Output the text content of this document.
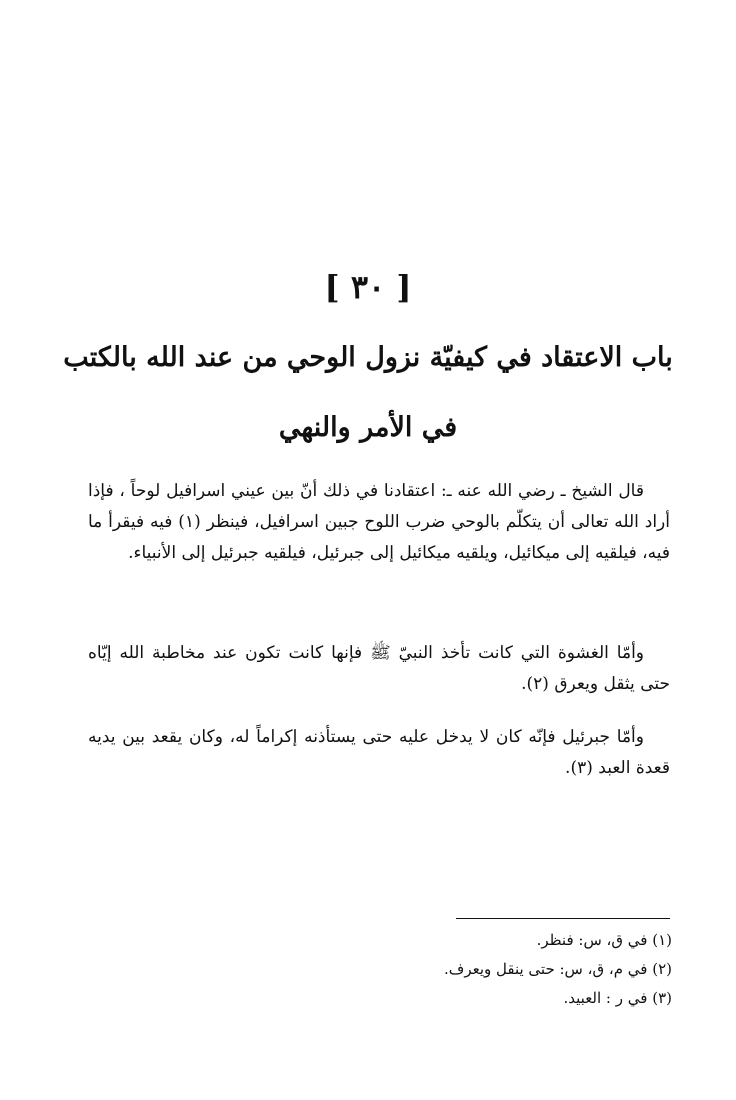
[ ٣٠ ]
باب الاعتقاد في كيفيّة نزول الوحي من عند الله بالكتب
في الأمر والنهي

قال الشيخ ـ رضي الله عنه ـ: اعتقادنا في ذلك أنّ بين عيني اسرافيل لوحاً ، فإذا أراد الله تعالى أن يتكلّم بالوحي ضرب اللوح جبين اسرافيل، فينظر (١) فيه فيقرأ ما فيه، فيلقيه إلى ميكائيل، ويلقيه ميكائيل إلى جبرئيل، فيلقيه جبرئيل إلى الأنبياء.

وأمّا الغشوة التي كانت تأخذ النبيّ ﷺ فإنها كانت تكون عند مخاطبة الله إيّاه حتى يثقل ويعرق (٢).

وأمّا جبرئيل فإنّه كان لا يدخل عليه حتى يستأذنه إكراماً له، وكان يقعد بين يديه قعدة العبد (٣).

(١) في ق، س: فنظر.
(٢) في م، ق، س: حتى ينقل ويعرف.
(٣) في ر : العبيد.
